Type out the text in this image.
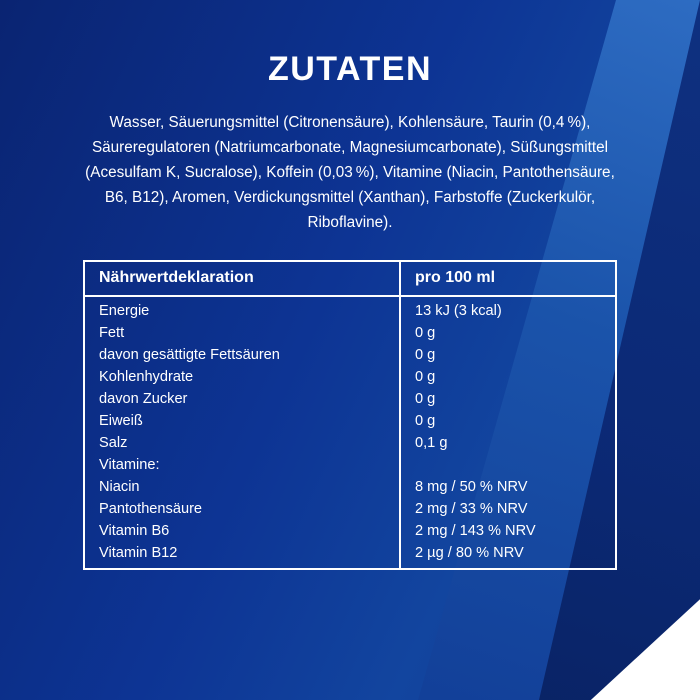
ZUTATEN

Wasser, Säuerungsmittel (Citronensäure), Kohlensäure, Taurin (0,4 %), Säureregulatoren (Natriumcarbonate, Magnesiumcarbonate), Süßungsmittel (Acesulfam K, Sucralose), Koffein (0,03 %), Vitamine (Niacin, Pantothensäure, B6, B12), Aromen, Verdickungsmittel (Xanthan), Farbstoffe (Zuckerkulör, Riboflavine).

Nährwertdeklaration	pro 100 ml
Energie	13 kJ (3 kcal)
Fett	0 g
davon gesättigte Fettsäuren	0 g
Kohlenhydrate	0 g
davon Zucker	0 g
Eiweiß	0 g
Salz	0,1 g
Vitamine:	
Niacin	8 mg / 50 % NRV
Pantothensäure	2 mg / 33 % NRV
Vitamin B6	2 mg / 143 % NRV
Vitamin B12	2 µg / 80 % NRV
